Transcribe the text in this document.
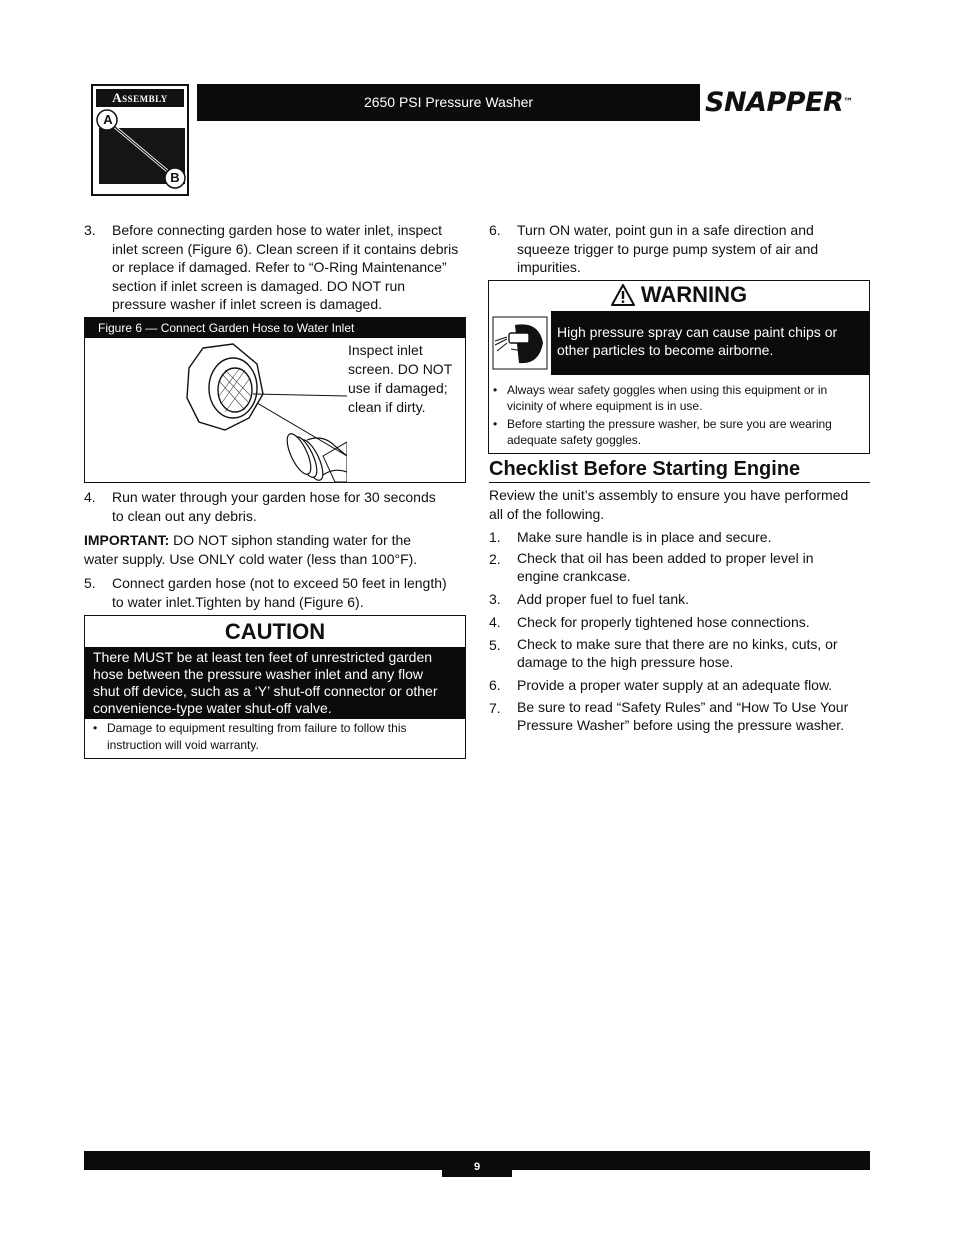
Assembly
A
B
2650 PSI Pressure Washer	SNAPPER™
3. Before connecting garden hose to water inlet, inspect
inlet screen (Figure 6). Clean screen if it contains debris
or replace if damaged. Refer to “O-Ring Maintenance”
section if inlet screen is damaged. DO NOT run
pressure washer if inlet screen is damaged.
Figure 6 — Connect Garden Hose to Water Inlet
Inspect inlet
screen. DO NOT
use if damaged;
clean if dirty.
4. Run water through your garden hose for 30 seconds
to clean out any debris.
IMPORTANT: DO NOT siphon standing water for the
water supply. Use ONLY cold water (less than 100°F).
5. Connect garden hose (not to exceed 50 feet in length)
to water inlet.Tighten by hand (Figure 6).
CAUTION
There MUST be at least ten feet of unrestricted garden
hose between the pressure washer inlet and any flow
shut off device, such as a ‘Y’ shut-off connector or other
convenience-type water shut-off valve.
• Damage to equipment resulting from failure to follow this
instruction will void warranty.
6. Turn ON water, point gun in a safe direction and
squeeze trigger to purge pump system of air and
impurities.
WARNING
High pressure spray can cause paint chips or
other particles to become airborne.
• Always wear safety goggles when using this equipment or in
vicinity of where equipment is in use.
• Before starting the pressure washer, be sure you are wearing
adequate safety goggles.
Checklist Before Starting Engine
Review the unit’s assembly to ensure you have performed
all of the following.
1. Make sure handle is in place and secure.
2. Check that oil has been added to proper level in
engine crankcase.
3. Add proper fuel to fuel tank.
4. Check for properly tightened hose connections.
5. Check to make sure that there are no kinks, cuts, or
damage to the high pressure hose.
6. Provide a proper water supply at an adequate flow.
7. Be sure to read “Safety Rules” and “How To Use Your
Pressure Washer” before using the pressure washer.
9
